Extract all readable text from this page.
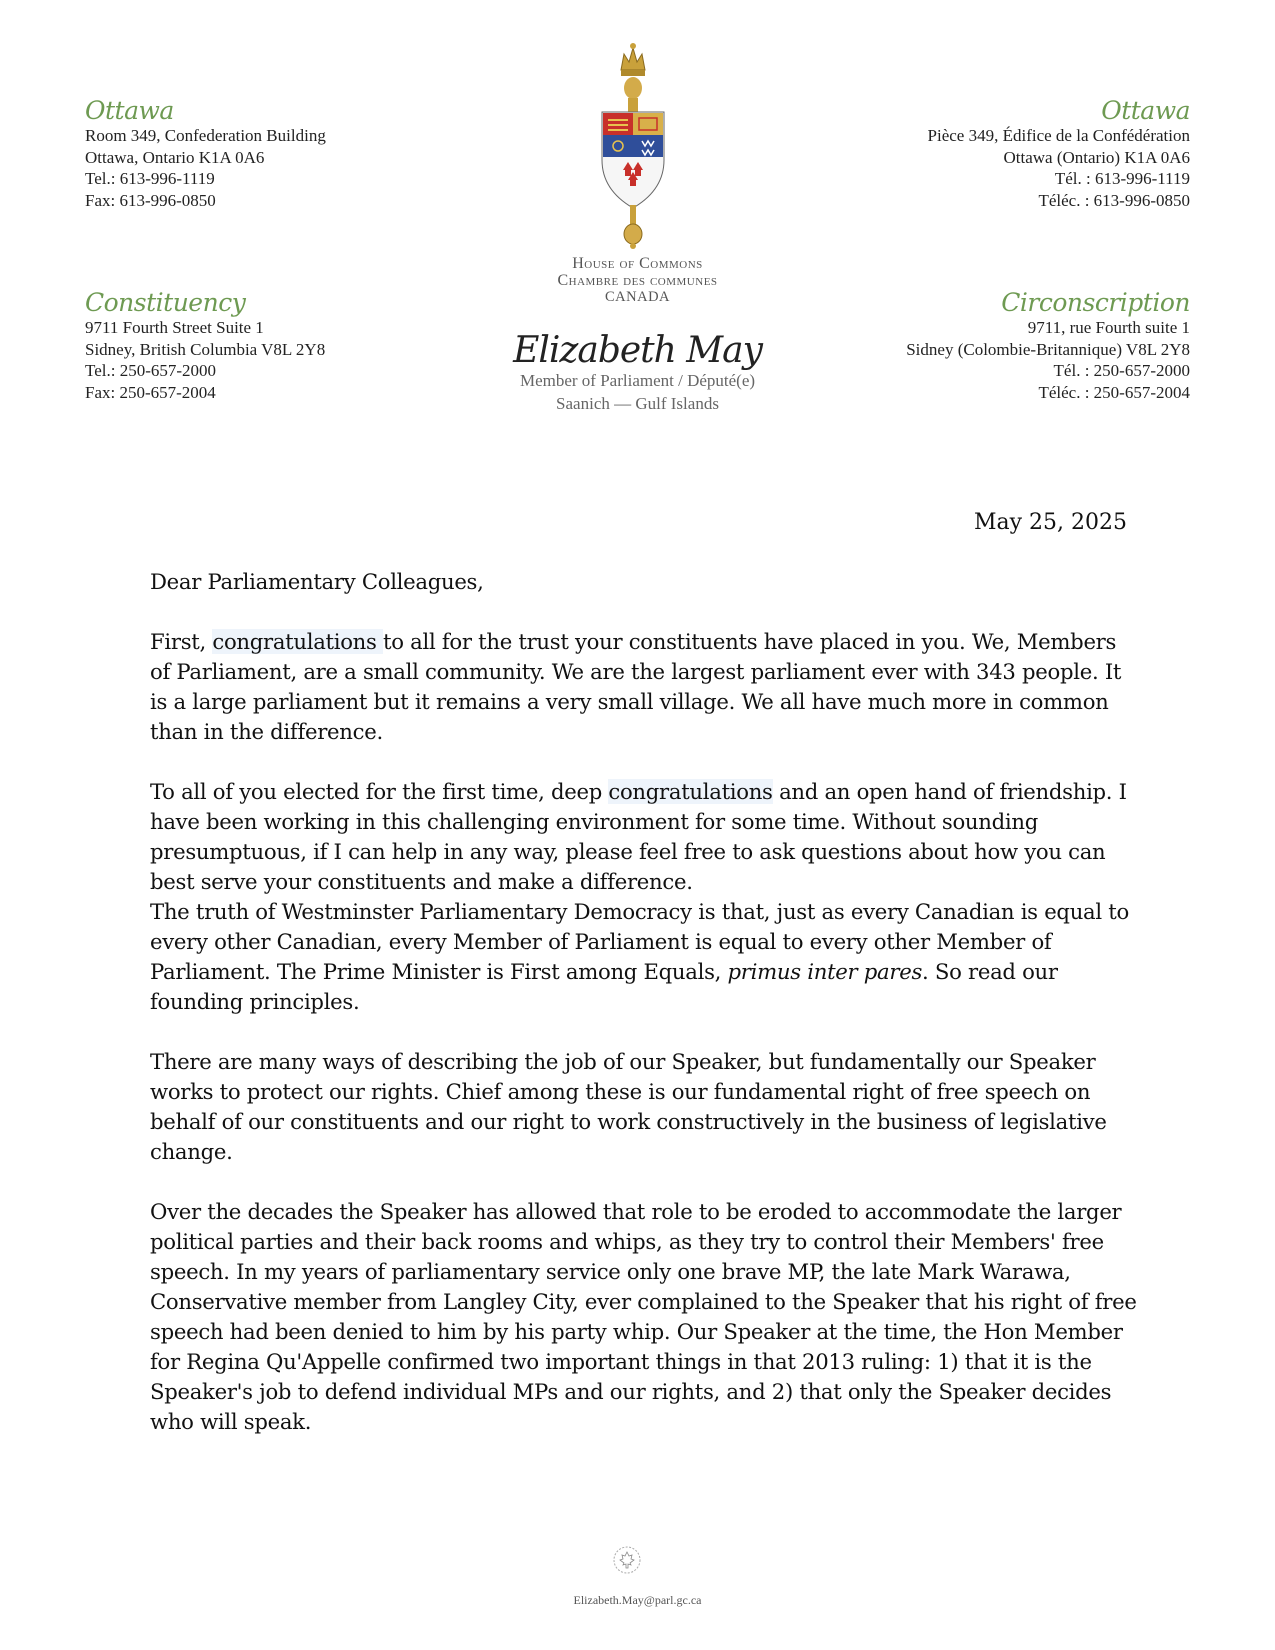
Ottawa
Room 349, Confederation Building
Ottawa, Ontario K1A 0A6
Tel.: 613-996-1119
Fax: 613-996-0850
Constituency
9711 Fourth Street Suite 1
Sidney, British Columbia V8L 2Y8
Tel.: 250-657-2000
Fax: 250-657-2004
Ottawa
Pièce 349, Édifice de la Confédération
Ottawa (Ontario) K1A 0A6
Tél. : 613-996-1119
Téléc. : 613-996-0850
Circonscription
9711, rue Fourth suite 1
Sidney (Colombie-Britannique) V8L 2Y8
Tél. : 250-657-2000
Téléc. : 250-657-2004
House of Commons
Chambre des communes
CANADA
Elizabeth May
Member of Parliament / Député(e)
Saanich — Gulf Islands
May 25, 2025

Dear Parliamentary Colleagues,

First, congratulations to all for the trust your constituents have placed in you. We, Members of Parliament, are a small community. We are the largest parliament ever with 343 people. It is a large parliament but it remains a very small village. We all have much more in common than in the difference.

To all of you elected for the first time, deep congratulations and an open hand of friendship. I have been working in this challenging environment for some time. Without sounding presumptuous, if I can help in any way, please feel free to ask questions about how you can best serve your constituents and make a difference.

The truth of Westminster Parliamentary Democracy is that, just as every Canadian is equal to every other Canadian, every Member of Parliament is equal to every other Member of Parliament. The Prime Minister is First among Equals, primus inter pares. So read our founding principles.

There are many ways of describing the job of our Speaker, but fundamentally our Speaker works to protect our rights. Chief among these is our fundamental right of free speech on behalf of our constituents and our right to work constructively in the business of legislative change.

Over the decades the Speaker has allowed that role to be eroded to accommodate the larger political parties and their back rooms and whips, as they try to control their Members' free speech. In my years of parliamentary service only one brave MP, the late Mark Warawa, Conservative member from Langley City, ever complained to the Speaker that his right of free speech had been denied to him by his party whip. Our Speaker at the time, the Hon Member for Regina Qu'Appelle confirmed two important things in that 2013 ruling: 1) that it is the Speaker's job to defend individual MPs and our rights, and 2) that only the Speaker decides who will speak.

Elizabeth.May@parl.gc.ca
